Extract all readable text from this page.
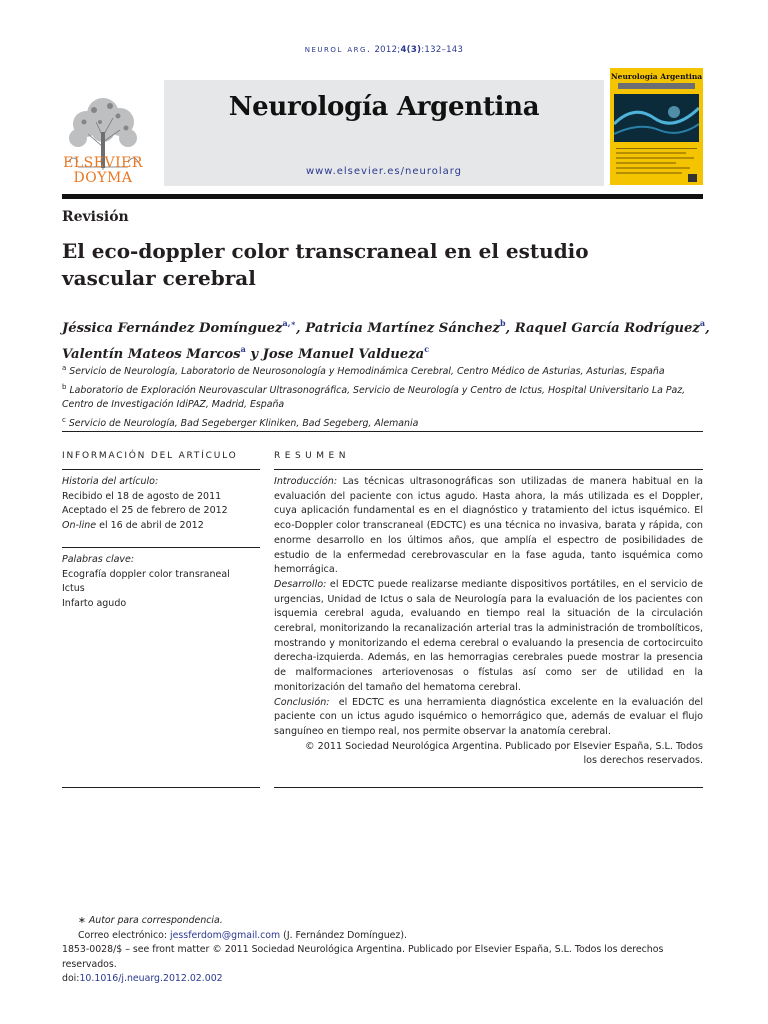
neurol arg. 2012;4(3):132–143
ELSEVIER
DOYMA
Neurología Argentina
www.elsevier.es/neurolarg
Neurología Argentina
Revisión
El eco-doppler color transcraneal en el estudio vascular cerebral
Jéssica Fernández Domínguez$^{a,∗}$, Patricia Martínez Sánchez$^b$, Raquel García Rodríguez$^a$,
Valentín Mateos Marcos$^a$ y Jose Manuel Valdueza$^c$
$^a$ Servicio de Neurología, Laboratorio de Neurosonología y Hemodinámica Cerebral, Centro Médico de Asturias, Asturias, España
$^b$ Laboratorio de Exploración Neurovascular Ultrasonográfica, Servicio de Neurología y Centro de Ictus, Hospital Universitario La Paz, Centro de Investigación IdiPAZ, Madrid, España
$^c$ Servicio de Neurología, Bad Segeberger Kliniken, Bad Segeberg, Alemania
INFORMACIÓN DEL ARTÍCULO	RESUMEN
Historia del artículo:
Recibido el 18 de agosto de 2011
Aceptado el 25 de febrero de 2012
On-line el 16 de abril de 2012
Palabras clave:
Ecografía doppler color transraneal
Ictus
Infarto agudo

Introducción: Las técnicas ultrasonográficas son utilizadas de manera habitual en la evaluación del paciente con ictus agudo. Hasta ahora, la más utilizada es el Doppler, cuya aplicación fundamental es en el diagnóstico y tratamiento del ictus isquémico. El eco-Doppler color transcraneal (EDCTC) es una técnica no invasiva, barata y rápida, con enorme desarrollo en los últimos años, que amplía el espectro de posibilidades de estudio de la enfermedad cerebrovascular en la fase aguda, tanto isquémica como hemorrágica.

Desarrollo: el EDCTC puede realizarse mediante dispositivos portátiles, en el servicio de urgencias, Unidad de Ictus o sala de Neurología para la evaluación de los pacientes con isquemia cerebral aguda, evaluando en tiempo real la situación de la circulación cerebral, monitorizando la recanalización arterial tras la administración de trombolíticos, mostrando y monitorizando el edema cerebral o evaluando la presencia de cortocircuito derecha-izquierda. Además, en las hemorragias cerebrales puede mostrar la presencia de malformaciones arteriovenosas o fístulas así como ser de utilidad en la monitorización del tamaño del hematoma cerebral.

Conclusión:  el EDCTC es una herramienta diagnóstica excelente en la evaluación del paciente con un ictus agudo isquémico o hemorrágico que, además de evaluar el flujo sanguíneo en tiempo real, nos permite observar la anatomía cerebral.

© 2011 Sociedad Neurológica Argentina. Publicado por Elsevier España, S.L. Todos los derechos reservados.

∗ Autor para correspondencia.
Correo electrónico: jessferdom@gmail.com (J. Fernández Domínguez).
1853-0028/$ – see front matter © 2011 Sociedad Neurológica Argentina. Publicado por Elsevier España, S.L. Todos los derechos reservados.
doi:10.1016/j.neuarg.2012.02.002
